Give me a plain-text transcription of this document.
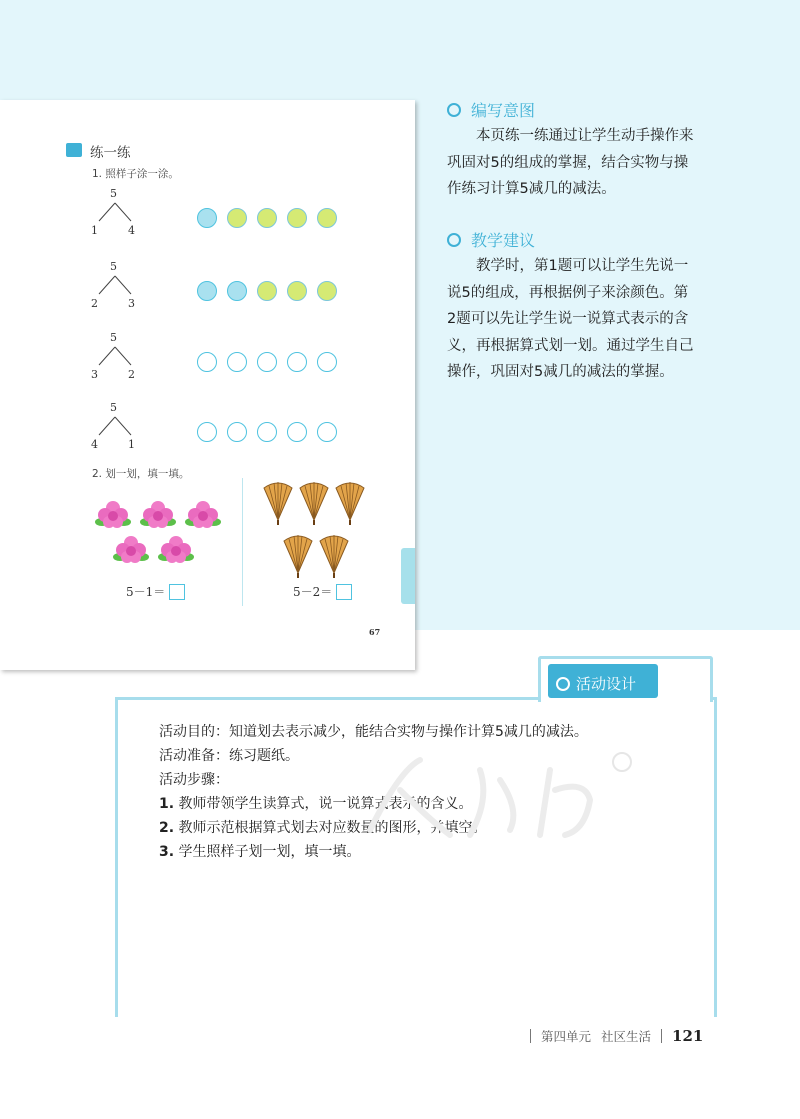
编写意图
本页练一练通过让学生动手操作来
巩固对5的组成的掌握，结合实物与操
作练习计算5减几的减法。
教学建议
教学时，第1题可以让学生先说一
说5的组成，再根据例子来涂颜色。第
2题可以先让学生说一说算式表示的含
义，再根据算式划一划。通过学生自己
操作，巩固对5减几的减法的掌握。
练一练
1. 照样子涂一涂。
5
1	4
5
2	3
5
3	2
5
4	1
2. 划一划，填一填。
5－1＝	5－2＝
67
活动设计
活动目的：知道划去表示减少，能结合实物与操作计算5减几的减法。
活动准备：练习题纸。
活动步骤：
1. 教师带领学生读算式，说一说算式表示的含义。
2. 教师示范根据算式划去对应数量的图形，并填空。
3. 学生照样子划一划，填一填。
第四单元 社区生活 121
